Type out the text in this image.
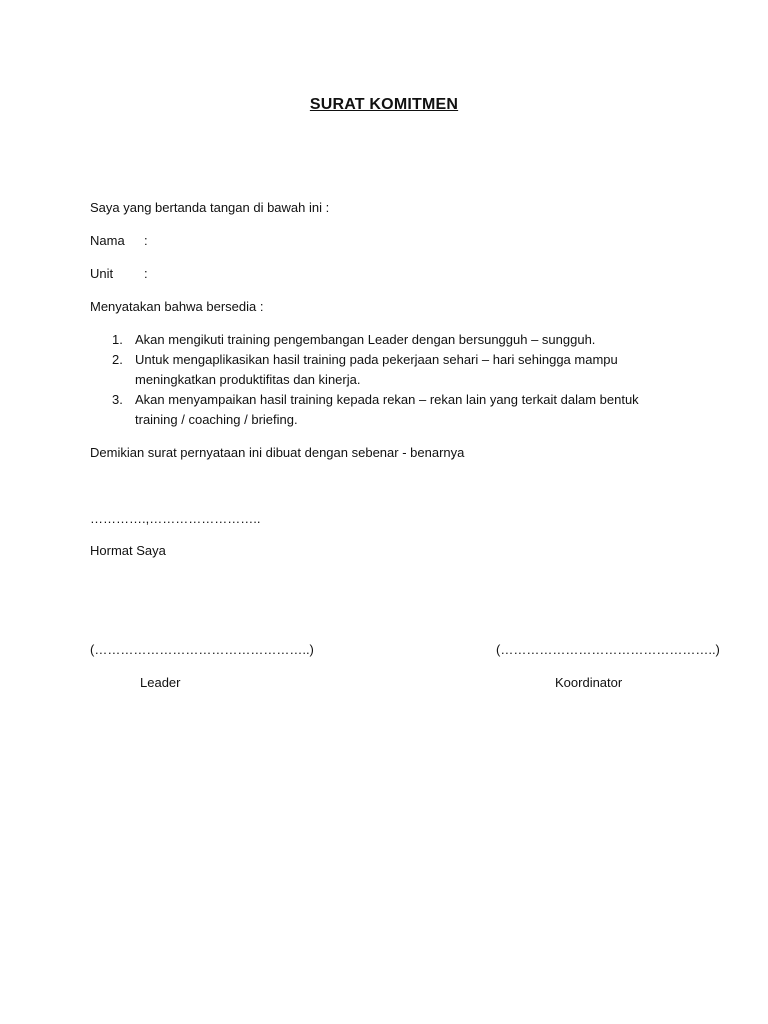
SURAT KOMITMEN
Saya yang bertanda tangan di bawah ini :
Nama :
Unit :
Menyatakan bahwa bersedia :
1. Akan mengikuti training pengembangan Leader dengan bersungguh – sungguh.
2. Untuk mengaplikasikan hasil training pada pekerjaan sehari – hari sehingga mampu meningkatkan produktifitas dan kinerja.
3. Akan menyampaikan hasil training kepada rekan – rekan lain yang terkait dalam bentuk training / coaching / briefing.
Demikian surat pernyataan ini dibuat dengan sebenar - benarnya
………….,……………………..
Hormat Saya
(…………………………………………..)
Leader
(…………………………………………..)
Koordinator
